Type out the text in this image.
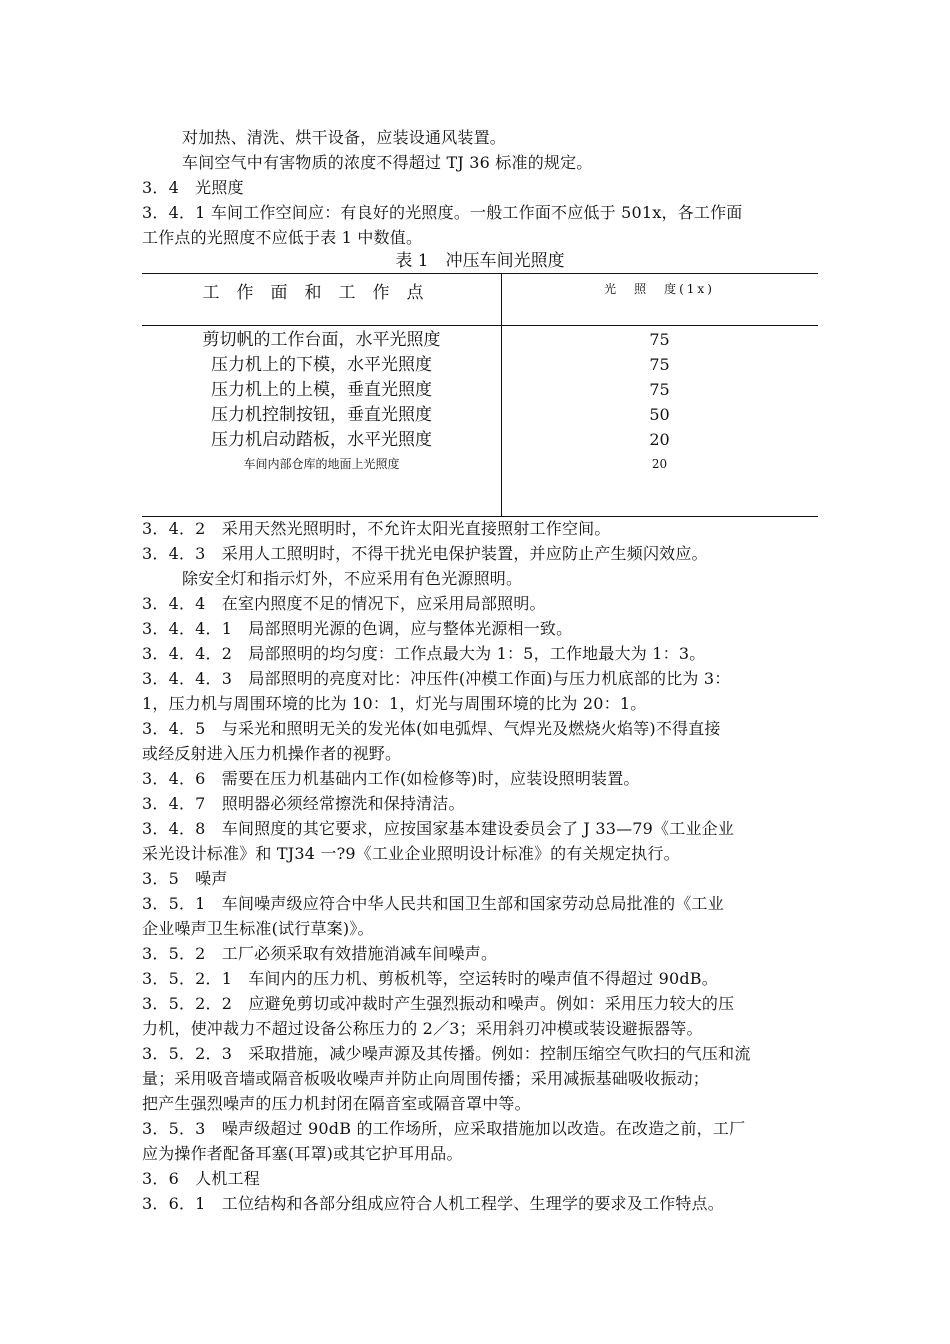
对加热、清洗、烘干设备，应装设通风装置。
车间空气中有害物质的浓度不得超过 TJ 36 标准的规定。
3．4　光照度
3．4．1 车间工作空间应：有良好的光照度。一般工作面不应低于 501x，各工作面
工作点的光照度不应低于表 1 中数值。
表 1　冲压车间光照度
工作面和工作点	光　照　度(1x)
剪切帆的工作台面，水平光照度	75
压力机上的下模，水平光照度	75
压力机上的上模，垂直光照度	75
压力机控制按钮，垂直光照度	50
压力机启动踏板，水平光照度	20
车间内部仓库的地面上光照度	20
3．4．2　采用天然光照明时，不允许太阳光直接照射工作空间。
3．4．3　采用人工照明时，不得干扰光电保护装置，并应防止产生频闪效应。
除安全灯和指示灯外，不应采用有色光源照明。
3．4．4　在室内照度不足的情况下，应采用局部照明。
3．4．4．1　局部照明光源的色调，应与整体光源相一致。
3．4．4．2　局部照明的均匀度：工作点最大为 1：5，工作地最大为 1：3。
3．4．4．3　局部照明的亮度对比：冲压件(冲模工作面)与压力机底部的比为 3：
1，压力机与周围环境的比为 10：1，灯光与周围环境的比为 20：1。
3．4．5　与采光和照明无关的发光体(如电弧焊、气焊光及燃烧火焰等)不得直接
或经反射进入压力机操作者的视野。
3．4．6　需要在压力机基础内工作(如检修等)时，应装设照明装置。
3．4．7　照明器必须经常擦洗和保持清洁。
3．4．8　车间照度的其它要求，应按国家基本建设委员会了 J 33—79《工业企业
采光设计标准》和 TJ34 一?9《工业企业照明设计标准》的有关规定执行。
3．5　噪声
3．5．1　车间噪声级应符合中华人民共和国卫生部和国家劳动总局批准的《工业
企业噪声卫生标准(试行草案)》。
3．5．2　工厂必须采取有效措施消减车间噪声。
3．5．2．1　车间内的压力机、剪板机等，空运转时的噪声值不得超过 90dB。
3．5．2．2　应避免剪切或冲裁时产生强烈振动和噪声。例如：采用压力较大的压
力机，使冲裁力不超过设备公称压力的 2／3；采用斜刃冲模或装设避振器等。
3．5．2．3　采取措施，减少噪声源及其传播。例如：控制压缩空气吹扫的气压和流
量；采用吸音墙或隔音板吸收噪声并防止向周围传播；采用减振基础吸收振动；
把产生强烈噪声的压力机封闭在隔音室或隔音罩中等。
3．5．3　噪声级超过 90dB 的工作场所，应采取措施加以改造。在改造之前，工厂
应为操作者配备耳塞(耳罩)或其它护耳用品。
3．6　人机工程
3．6．1　工位结构和各部分组成应符合人机工程学、生理学的要求及工作特点。
